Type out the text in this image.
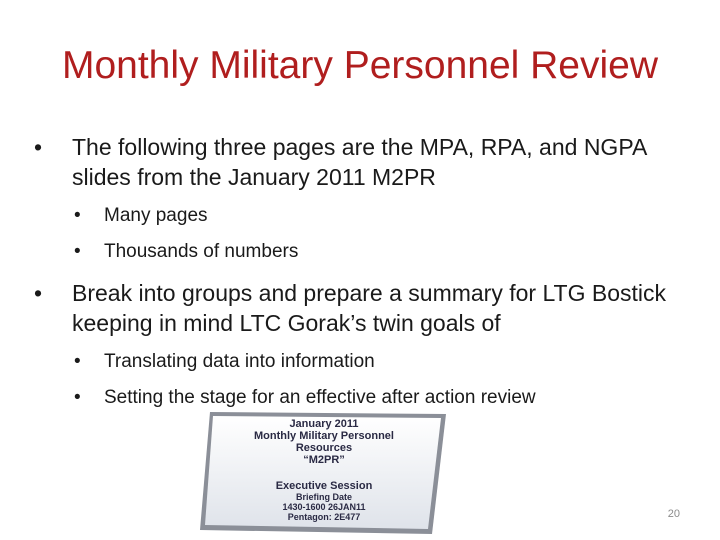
Monthly Military Personnel Review
• The following three pages are the MPA, RPA, and NGPA slides from the January 2011 M2PR
• Many pages
• Thousands of numbers
• Break into groups and prepare a summary for LTG Bostick keeping in mind LTC Gorak’s twin goals of
• Translating data into information
• Setting the stage for an effective after action review
January 2011
Monthly Military Personnel
Resources
“M2PR”
Executive Session
Briefing Date
1430-1600 26JAN11
Pentagon: 2E477	20
